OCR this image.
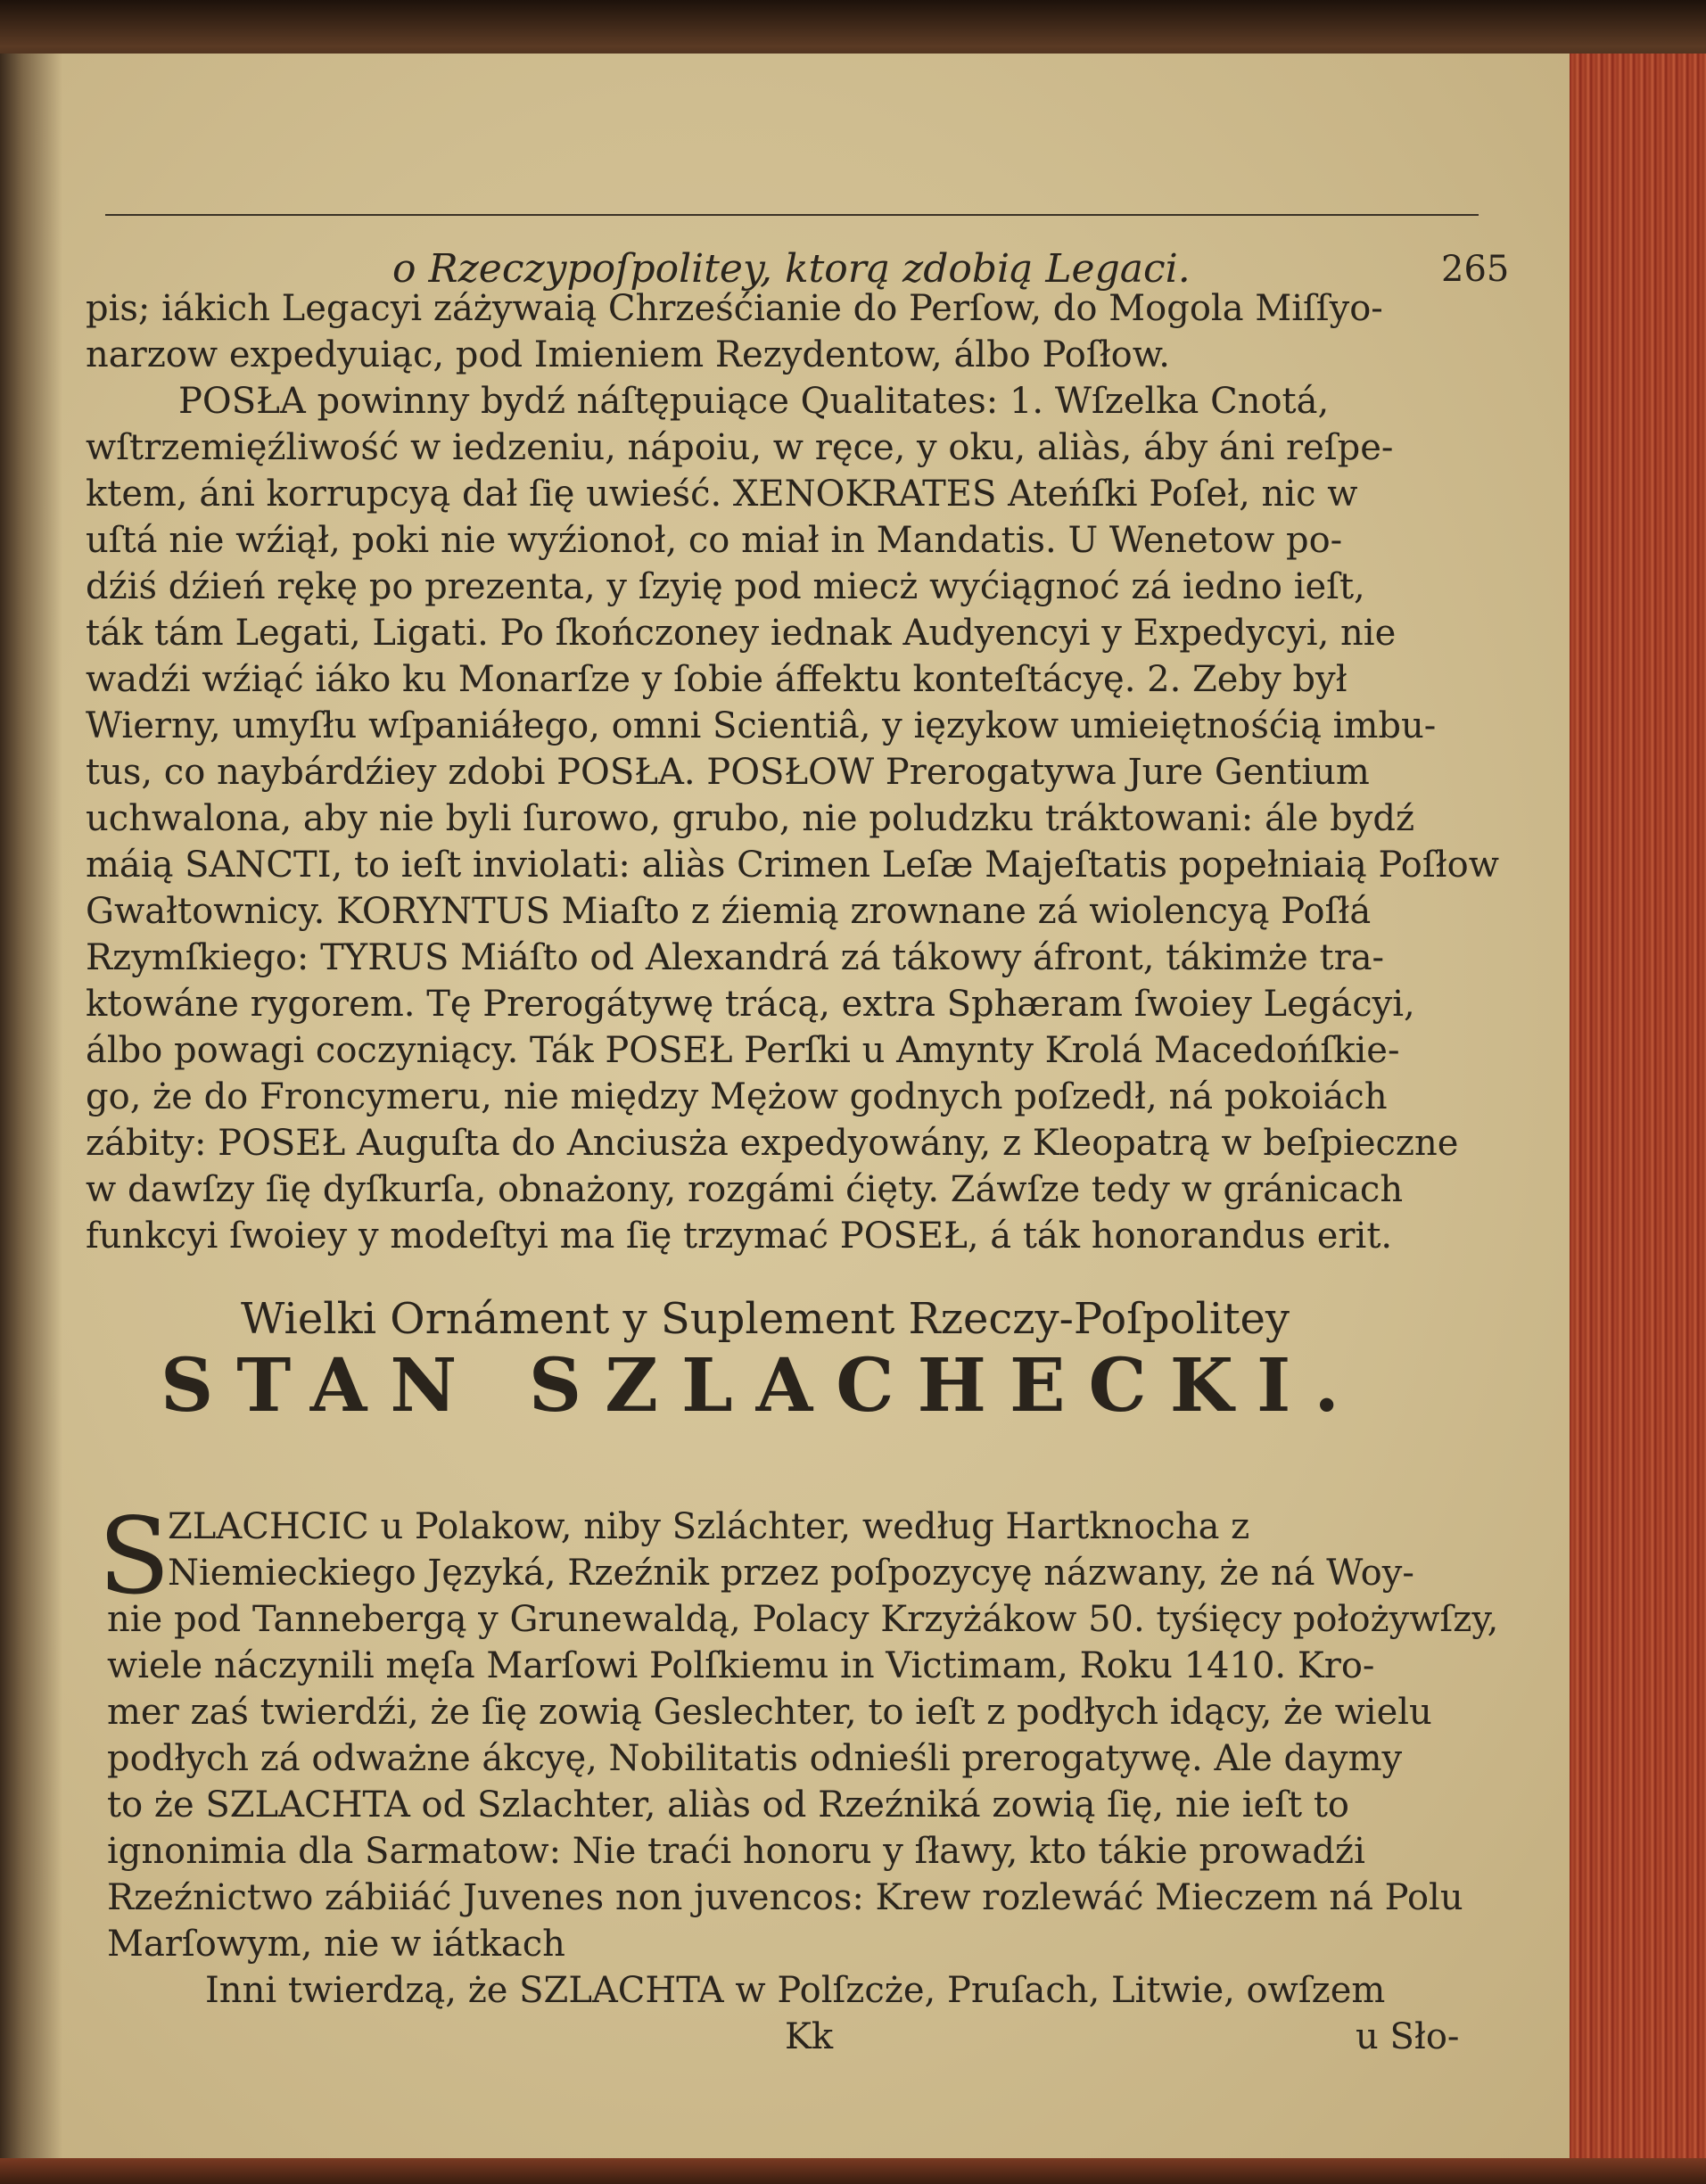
o Rzeczypoſpolitey, ktorą zdobią Legaci.	265
pis; iákich Legacyi záżywaią Chrześćianie do Perſow, do Mogola Miſſyo-
narzow expedyuiąc, pod Imieniem Rezydentow, álbo Poſłow.
POSŁA powinny bydź náſtępuiące Qualitates: 1. Wſzelka Cnotá,
wſtrzemięźliwość w iedzeniu, nápoiu, w ręce, y oku, aliàs, áby áni reſpe-
ktem, áni korrupcyą dał ſię uwieść. XENOKRATES Ateńſki Poſeł, nic w
uſtá nie wźiął, poki nie wyźionoł, co miał in Mandatis. U Wenetow po-
dźiś dźień rękę po prezenta, y ſzyię pod miecż wyćiągnoć zá iedno ieſt,
ták tám Legati, Ligati. Po ſkończoney iednak Audyencyi y Expedycyi, nie
wadźi wźiąć iáko ku Monarſze y ſobie áffektu konteſtácyę. 2. Zeby był
Wierny, umyſłu wſpaniáłego, omni Scientiâ, y ięzykow umieiętnośćią imbu-
tus, co naybárdźiey zdobi POSŁA. POSŁOW Prerogatywa Jure Gentium
uchwalona, aby nie byli ſurowo, grubo, nie poludzku tráktowani: ále bydź
máią SANCTI, to ieſt inviolati: aliàs Crimen Leſæ Majeſtatis popełniaią Poſłow
Gwałtownicy. KORYNTUS Miaſto z źiemią zrownane zá wiolencyą Poſłá
Rzymſkiego: TYRUS Miáſto od Alexandrá zá tákowy áfront, tákimże tra-
ktowáne rygorem. Tę Prerogátywę trácą, extra Sphæram ſwoiey Legácyi,
álbo powagi coczyniący. Ták POSEŁ Perſki u Amynty Krolá Macedońſkie-
go, że do Froncymeru, nie między Mężow godnych poſzedł, ná pokoiách
zábity: POSEŁ Auguſta do Anciusża expedyowány, z Kleopatrą w beſpieczne
w dawſzy ſię dyſkurſa, obnażony, rozgámi ćięty. Záwſze tedy w gránicach
funkcyi ſwoiey y modeſtyi ma ſię trzymać POSEŁ, á ták honorandus erit.
Wielki Ornáment y Suplement Rzeczy-Poſpolitey
STAN SZLACHECKI.
S
ZLACHCIC u Polakow, niby Szláchter, według Hartknocha z
Niemieckiego Języká, Rzeźnik przez poſpozycyę názwany, że ná Woy-
nie pod Tannebergą y Grunewaldą, Polacy Krzyżákow 50. tyśięcy położywſzy,
wiele náczynili męſa Marſowi Polſkiemu in Victimam, Roku 1410. Kro-
mer zaś twierdźi, że ſię zowią Geslechter, to ieſt z podłych idący, że wielu
podłych zá odważne ákcyę, Nobilitatis odnieśli prerogatywę. Ale daymy
to że SZLACHTA od Szlachter, aliàs od Rzeźniká zowią ſię, nie ieſt to
ignonimia dla Sarmatow: Nie traći honoru y ſławy, kto tákie prowadźi
Rzeźnictwo zábiiáć Juvenes non juvencos: Krew rozlewáć Mieczem ná Polu
Marſowym, nie w iátkach
Inni twierdzą, że SZLACHTA w Polſzcże, Pruſach, Litwie, owſzem
Kk	u Sło-
